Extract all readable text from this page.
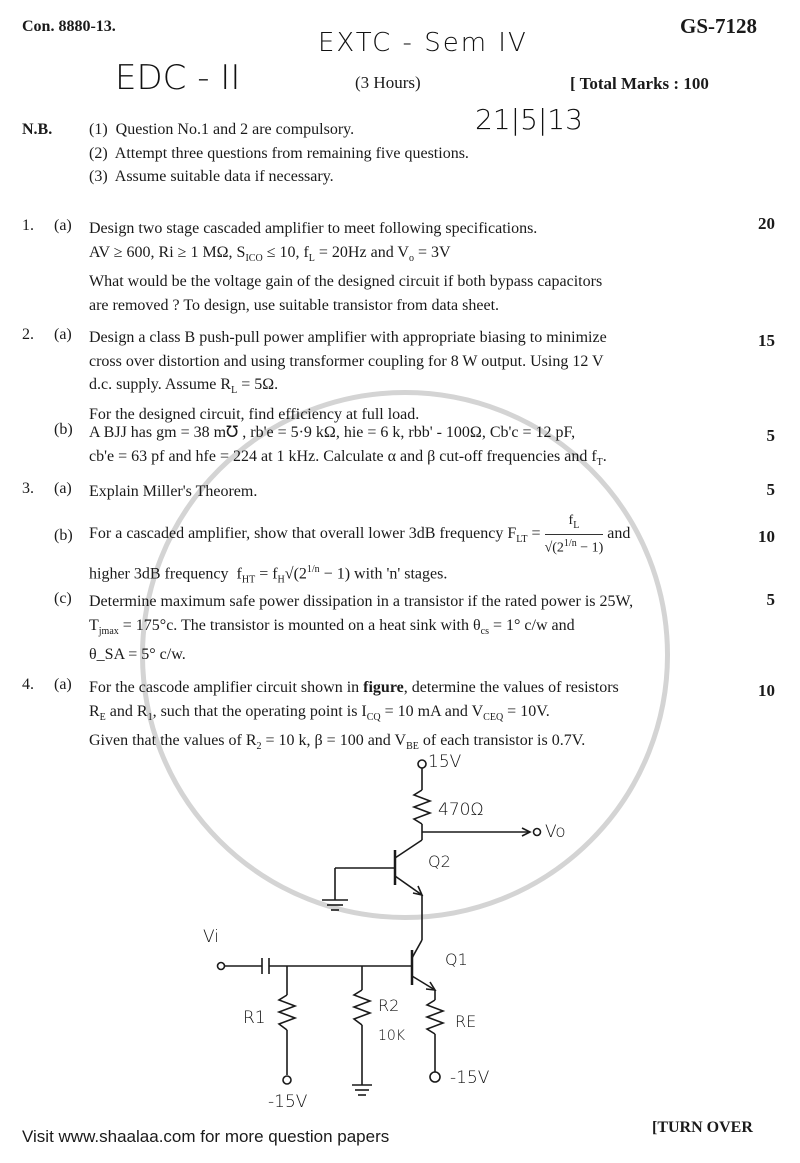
Con. 8880-13.	GS-7128
EDC - II
EXTC - Sem IV
(3 Hours)	[ Total Marks : 100
21|5|13
N.B. (1)  Question No.1 and 2 are compulsory.
(2)  Attempt three questions from remaining five questions.
(3)  Assume suitable data if necessary.
1. (a)	20
Design two stage cascaded amplifier to meet following specifications.
AV ≥ 600, Ri ≥ 1 MΩ, $S_{ICO} \le 10$, $f_L = 20Hz$ and $V_o = 3V$
What would be the voltage gain of the designed circuit if both bypass capacitors
are removed ? To design, use suitable transistor from data sheet.
2. (a)	15
Design a class B push-pull power amplifier with appropriate biasing to minimize
cross over distortion and using transformer coupling for 8 W output. Using 12 V
d.c. supply. Assume $R_L = 5\Omega$.
For the designed circuit, find efficiency at full load.
(b)	5
A BJJ has gm = 38 m℧ , rb'e = 5·9 kΩ, hie = 6 k, rbb' - 100Ω, Cb'c = 12 pF,
cb'e = 63 pf and hfe = 224 at 1 kHz. Calculate α and β cut-off frequencies and $f_T$.
3. (a)	5
Explain Miller's Theorem.
(b)	10
For a cascaded amplifier, show that overall lower 3dB frequency $F_{LT} = \frac{f_L}{√(2^{1/n} - 1)}$ and
higher 3dB frequency  $f_{HT} = f_H√(2^{1/n} - 1)$ with 'n' stages.
(c)	5
Determine maximum safe power dissipation in a transistor if the rated power is 25W,
$T_{jmax} = 175^\circ c$. The transistor is mounted on a heat sink with $\theta_{cs} = 1^\circ$ c/w and
θ_SA = 5° c/w.
4. (a)	10
For the cascode amplifier circuit shown in figure, determine the values of resistors
$R_E$ and $R_1$, such that the operating point is $I_{CQ} = 10$ mA and $V_{CEQ} = 10V$.
Given that the values of $R_2 = 10$ k, β = 100 and $V_{BE}$ of each transistor is 0.7V.
15V
470Ω
Vo
Q2
Q1
Vi
R1
R2
10K
RE
-15V
-15V
Visit www.shaalaa.com for more question papers	[TURN OVER
